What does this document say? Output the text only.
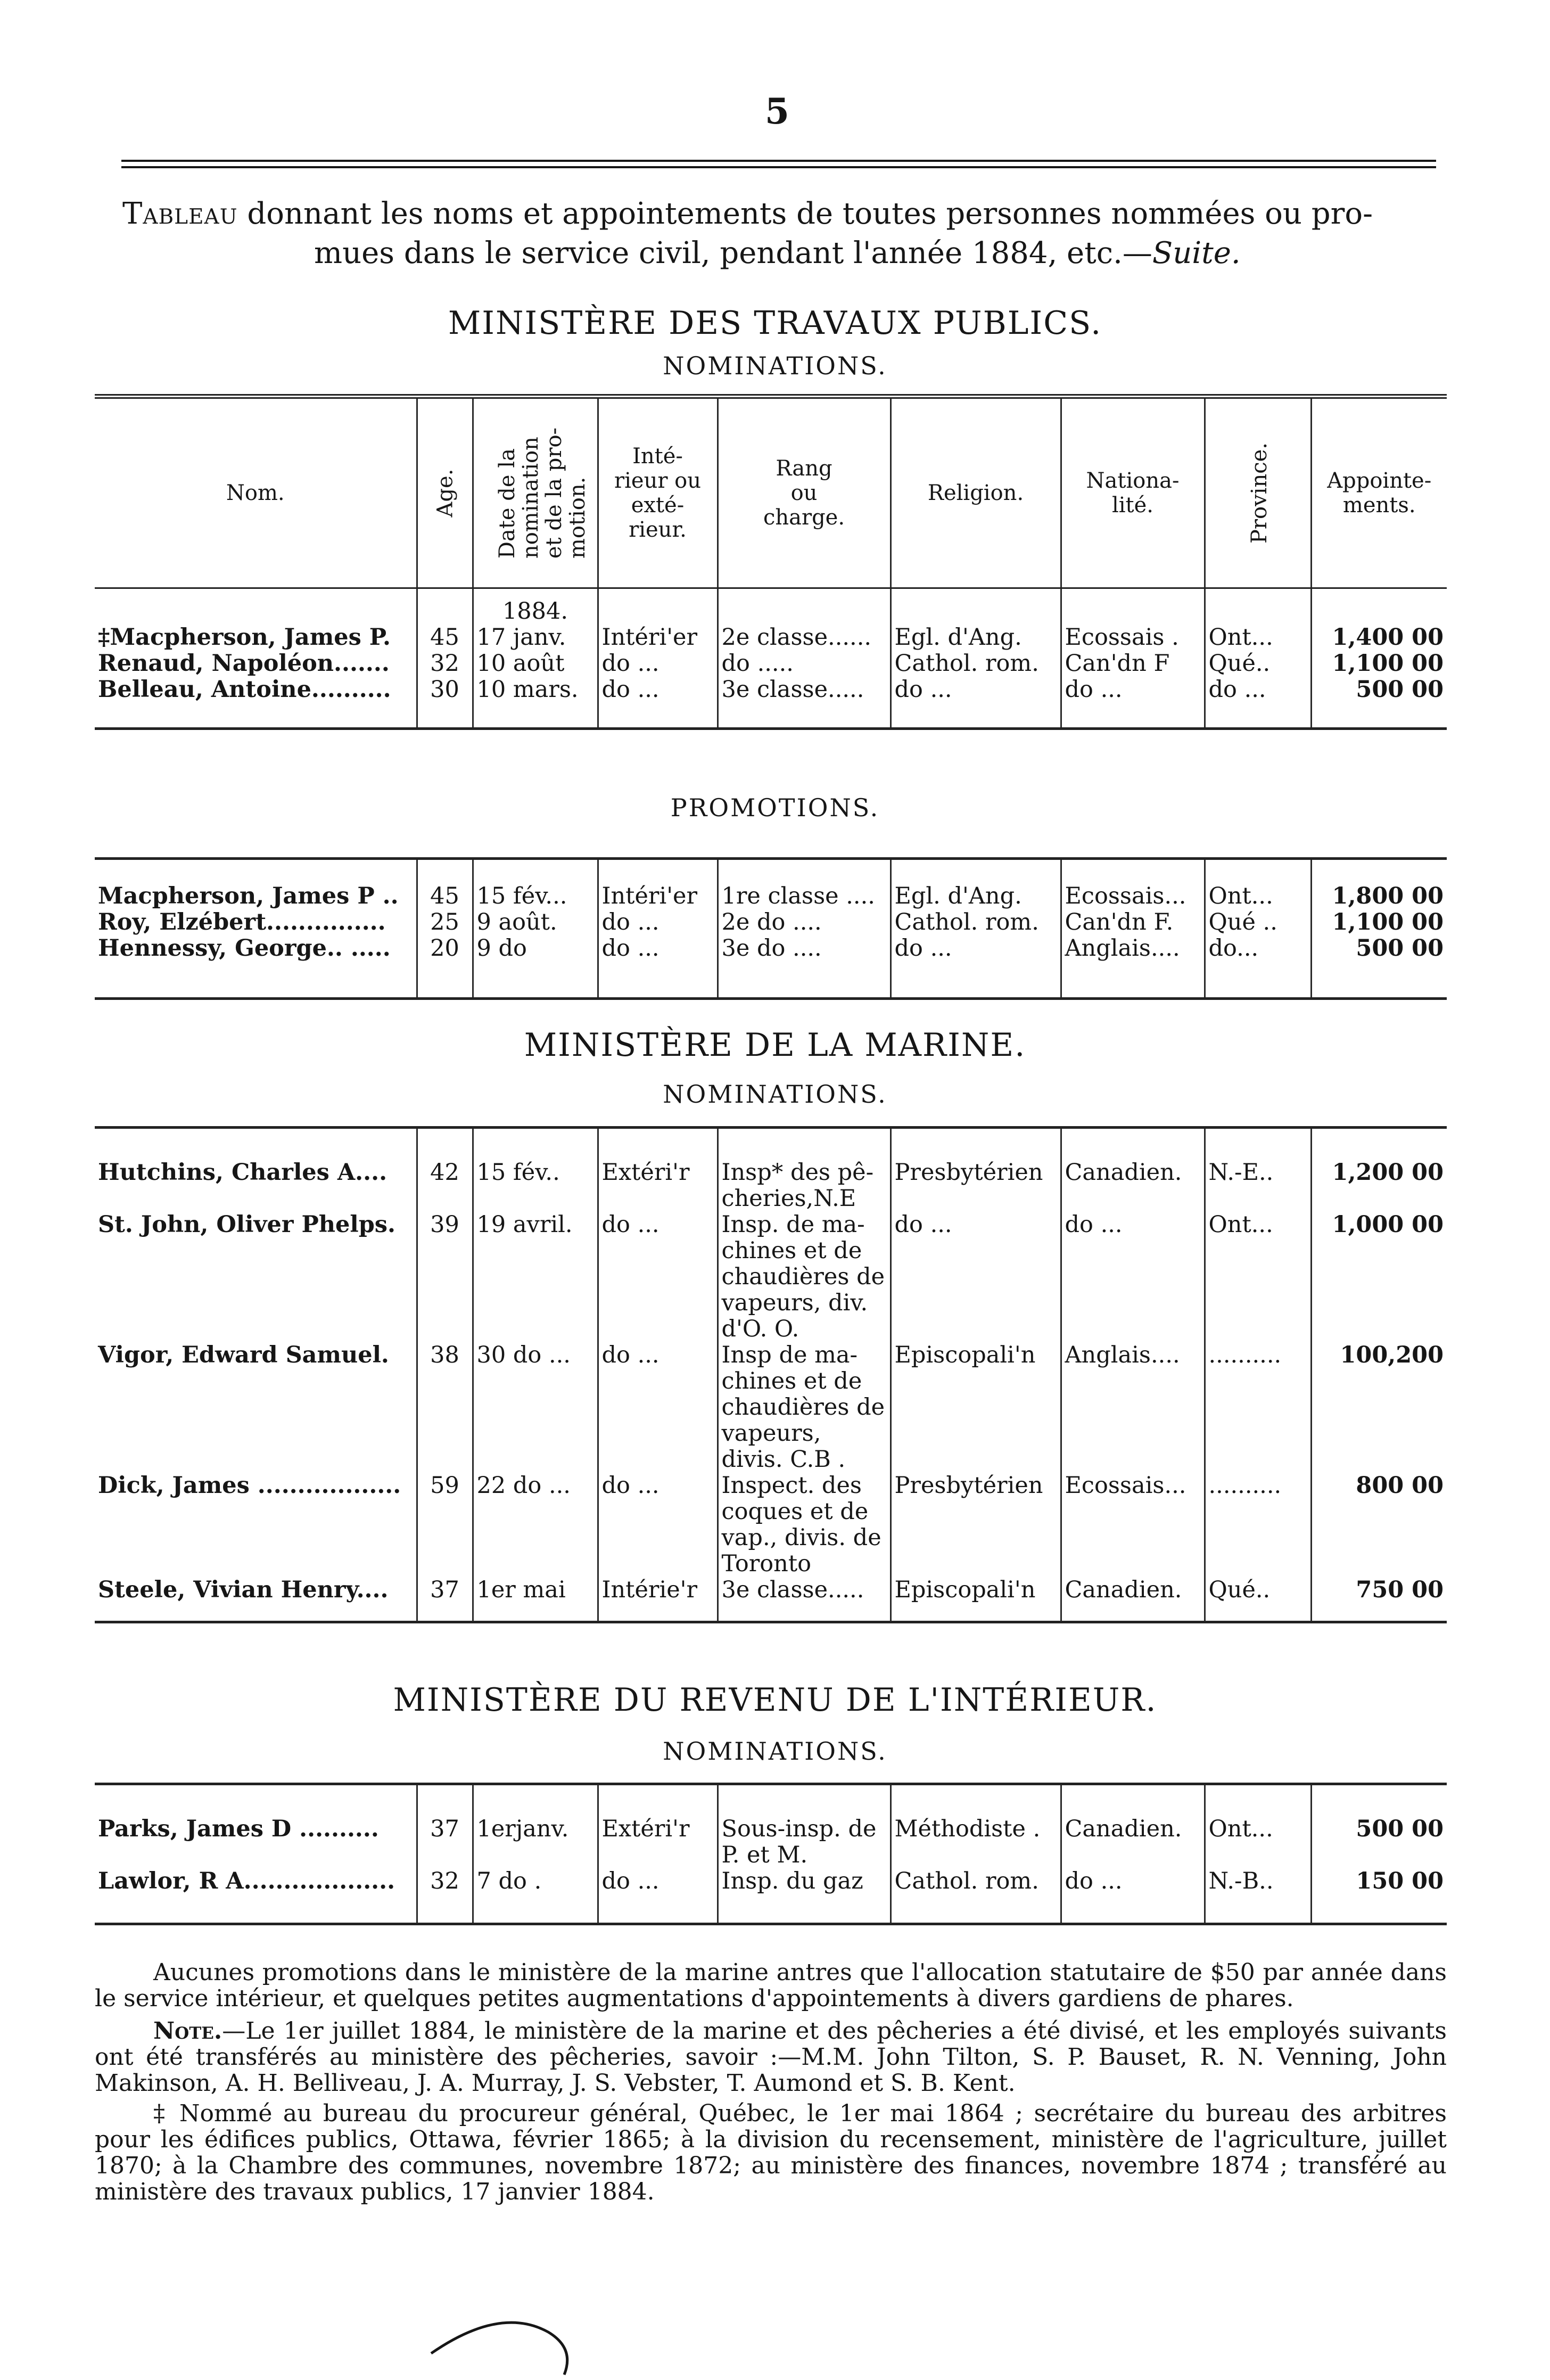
5
Tableau donnant les noms et appointements de toutes personnes nommées ou pro-
mues dans le service civil, pendant l'année 1884, etc.—Suite.
MINISTÈRE DES TRAVAUX PUBLICS.
NOMINATIONS.
Nom.	Age.	Date de la
nomination
et de la pro-
motion.	Inté-
rieur ou
exté-
rieur.	Rang
ou
charge.	Religion.	Nationa-
lité.	Province.	Appointe-
ments.
		1884.						
‡Macpherson, James P.	45	17 janv.	Intéri'er	2e classe......	Egl. d'Ang.	Ecossais .	Ont...	1,400 00
Renaud, Napoléon.......	32	10 août	do ...	do .....	Cathol. rom.	Can'dn F	Qué..	1,100 00
Belleau, Antoine..........	30	10 mars.	do ...	3e classe.....	do ...	do ...	do ...	500 00

PROMOTIONS.

Macpherson, James P ..	45	15 fév...	Intéri'er	1re classe ....	Egl. d'Ang.	Ecossais...	Ont...	1,800 00
Roy, Elzébert...............	25	9 août.	do ...	2e do ....	Cathol. rom.	Can'dn F.	Qué ..	1,100 00
Hennessy, George.. .....	20	9 do	do ...	3e do ....	do ...	Anglais....	do...	500 00

MINISTÈRE DE LA MARINE.
NOMINATIONS.

Hutchins, Charles A....	42	15 fév..	Extéri'r	Insp* des pê- cheries,N.E	Presbytérien	Canadien.	N.-E..	1,200 00
St. John, Oliver Phelps.	39	19 avril.	do ...	Insp. de ma- chines et de chaudières de vapeurs, div. d'O. O.	do ...	do ...	Ont...	1,000 00
Vigor, Edward Samuel.	38	30 do ...	do ...	Insp de ma- chines et de chaudières de vapeurs, divis. C.B .	Episcopali'n	Anglais....	..........	100,200
Dick, James ..................	59	22 do ...	do ...	Inspect. des coques et de vap., divis. de Toronto	Presbytérien	Ecossais...	..........	800 00
Steele, Vivian Henry....	37	1er mai	Intérie'r	3e classe.....	Episcopali'n	Canadien.	Qué..	750 00

MINISTÈRE DU REVENU DE L'INTÉRIEUR.
NOMINATIONS.

Parks, James D ..........	37	1erjanv.	Extéri'r	Sous-insp. de P. et M.	Méthodiste .	Canadien.	Ont...	500 00
Lawlor, R A...................	32	7 do .	do ...	Insp. du gaz	Cathol. rom.	do ...	N.-B..	150 00

Aucunes promotions dans le ministère de la marine antres que l'allocation statutaire de $50 par année dans le service intérieur, et quelques petites augmentations d'appointements à divers gardiens de phares.

Note.—Le 1er juillet 1884, le ministère de la marine et des pêcheries a été divisé, et les employés suivants ont été transférés au ministère des pêcheries, savoir :—M.M. John Tilton, S. P. Bauset, R. N. Venning, John Makinson, A. H. Belliveau, J. A. Murray, J. S. Vebster, T. Aumond et S. B. Kent.

‡ Nommé au bureau du procureur général, Québec, le 1er mai 1864 ; secrétaire du bureau des arbitres pour les édifices publics, Ottawa, février 1865; à la division du recensement, ministère de l'agriculture, juillet 1870; à la Chambre des communes, novembre 1872; au ministère des finances, novembre 1874 ; transféré au ministère des travaux publics, 17 janvier 1884.
